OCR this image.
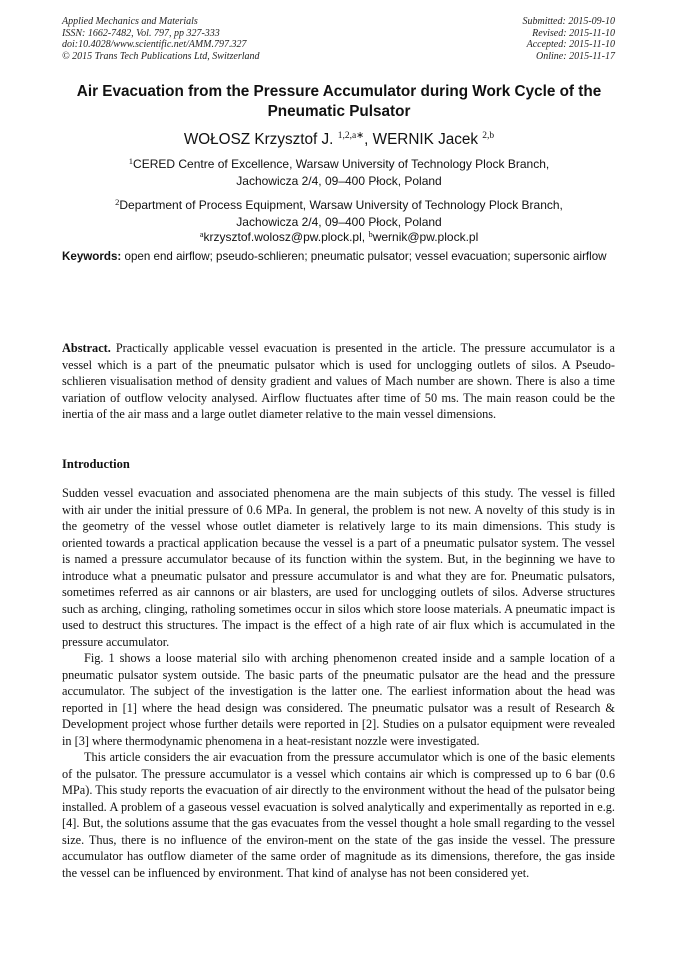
Applied Mechanics and Materials
ISSN: 1662-7482, Vol. 797, pp 327-333
doi:10.4028/www.scientific.net/AMM.797.327
© 2015 Trans Tech Publications Ltd, Switzerland
Submitted: 2015-09-10
Revised: 2015-11-10
Accepted: 2015-11-10
Online: 2015-11-17
Air Evacuation from the Pressure Accumulator during Work Cycle of the Pneumatic Pulsator
WOŁOSZ Krzysztof J. $^{1,2,a∗}$, WERNIK Jacek $^{2,b}$
$^1$CERED Centre of Excellence, Warsaw University of Technology Plock Branch,
Jachowicza 2/4, 09–400 Płock, Poland
$^2$Department of Process Equipment, Warsaw University of Technology Plock Branch,
Jachowicza 2/4, 09–400 Płock, Poland
$^a$krzysztof.wolosz@pw.plock.pl, $^b$wernik@pw.plock.pl
Keywords: open end airflow; pseudo-schlieren; pneumatic pulsator; vessel evacuation; supersonic airflow
Abstract. Practically applicable vessel evacuation is presented in the article. The pressure accumulator is a vessel which is a part of the pneumatic pulsator which is used for unclogging outlets of silos. A Pseudo-schlieren visualisation method of density gradient and values of Mach number are shown. There is also a time variation of outflow velocity analysed. Airflow fluctuates after time of 50 ms. The main reason could be the inertia of the air mass and a large outlet diameter relative to the main vessel dimensions.
Introduction

Sudden vessel evacuation and associated phenomena are the main subjects of this study. The vessel is filled with air under the initial pressure of 0.6 MPa. In general, the problem is not new. A novelty of this study is in the geometry of the vessel whose outlet diameter is relatively large to its main dimensions. This study is oriented towards a practical application because the vessel is a part of a pneumatic pulsator system. The vessel is named a pressure accumulator because of its function within the system. But, in the beginning we have to introduce what a pneumatic pulsator and pressure accumulator is and what they are for. Pneumatic pulsators, sometimes referred as air cannons or air blasters, are used for unclogging outlets of silos. Adverse structures such as arching, clinging, ratholing sometimes occur in silos which store loose materials. A pneumatic impact is used to destruct this structures. The impact is the effect of a high rate of air flux which is accumulated in the pressure accumulator.

Fig. 1 shows a loose material silo with arching phenomenon created inside and a sample location of a pneumatic pulsator system outside. The basic parts of the pneumatic pulsator are the head and the pressure accumulator. The subject of the investigation is the latter one. The earliest information about the head was reported in [1] where the head design was considered. The pneumatic pulsator was a result of Research & Development project whose further details were reported in [2]. Studies on a pulsator equipment were revealed in [3] where thermodynamic phenomena in a heat-resistant nozzle were investigated.

This article considers the air evacuation from the pressure accumulator which is one of the basic elements of the pulsator. The pressure accumulator is a vessel which contains air which is compressed up to 6 bar (0.6 MPa). This study reports the evacuation of air directly to the environment without the head of the pulsator being installed. A problem of a gaseous vessel evacuation is solved analytically and experimentally as reported in e.g. [4]. But, the solutions assume that the gas evacuates from the vessel thought a hole small regarding to the vessel size. Thus, there is no influence of the environ-ment on the state of the gas inside the vessel. The pressure accumulator has outflow diameter of the same order of magnitude as its dimensions, therefore, the gas inside the vessel can be influenced by environment. That kind of analyse has not been considered yet.
